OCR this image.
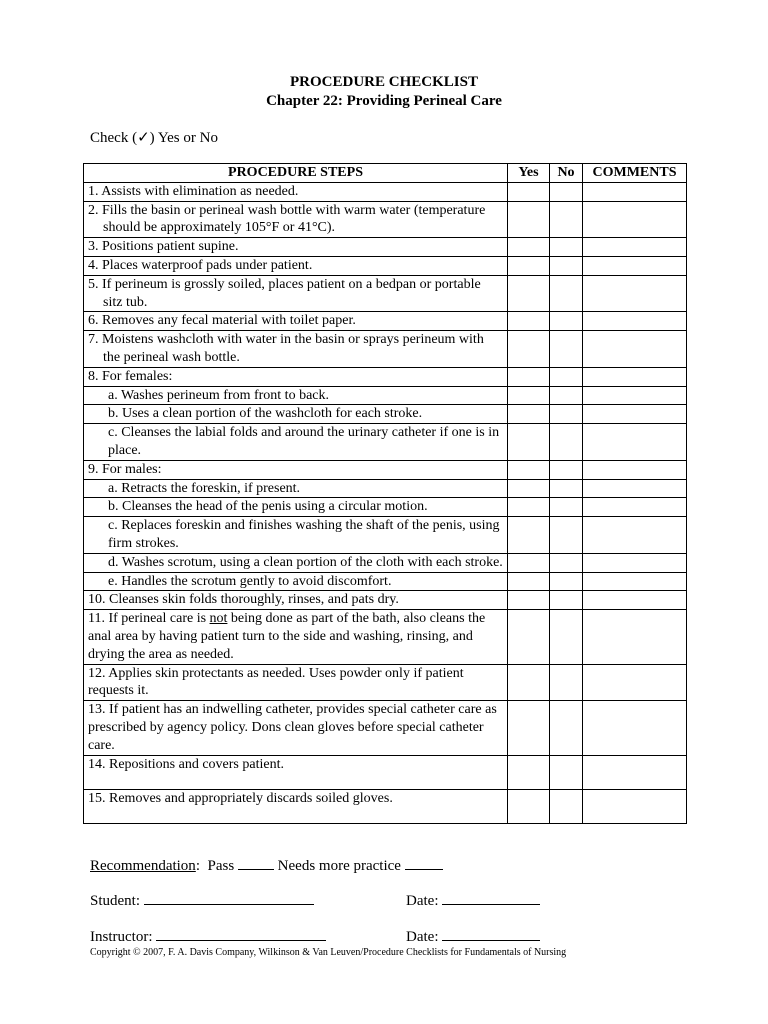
PROCEDURE CHECKLIST
Chapter 22: Providing Perineal Care
Check (✓) Yes or No
PROCEDURE STEPS	Yes	No	COMMENTS
1. Assists with elimination as needed.			

2. Fills the basin or perineal wash bottle with warm water (temperature should be approximately 105°F or 41°C).			

3. Positions patient supine.			
4. Places waterproof pads under patient.			

5. If perineum is grossly soiled, places patient on a bedpan or portable sitz tub.			

6. Removes any fecal material with toilet paper.			

7. Moistens washcloth with water in the basin or sprays perineum with the perineal wash bottle.			

8. For females:			
a. Washes perineum from front to back.			
b. Uses a clean portion of the washcloth for each stroke.			
c. Cleanses the labial folds and around the urinary catheter if one is in place.			
9. For males:			
a. Retracts the foreskin, if present.			
b. Cleanses the head of the penis using a circular motion.			
c. Replaces foreskin and finishes washing the shaft of the penis, using firm strokes.			
d. Washes scrotum, using a clean portion of the cloth with each stroke.			
e. Handles the scrotum gently to avoid discomfort.			
10. Cleanses skin folds thoroughly, rinses, and pats dry.			
11. If perineal care is not being done as part of the bath, also cleans the anal area by having patient turn to the side and washing, rinsing, and drying the area as needed.			
12. Applies skin protectants as needed. Uses powder only if patient requests it.			
13. If patient has an indwelling catheter, provides special catheter care as prescribed by agency policy. Dons clean gloves before special catheter care.			
14. Repositions and covers patient.			
15. Removes and appropriately discards soiled gloves.			
Recommendation:  Pass	Needs more practice
Student:	Date:
Instructor:	Date:
Copyright © 2007, F. A. Davis Company, Wilkinson & Van Leuven/Procedure Checklists for Fundamentals of Nursing
